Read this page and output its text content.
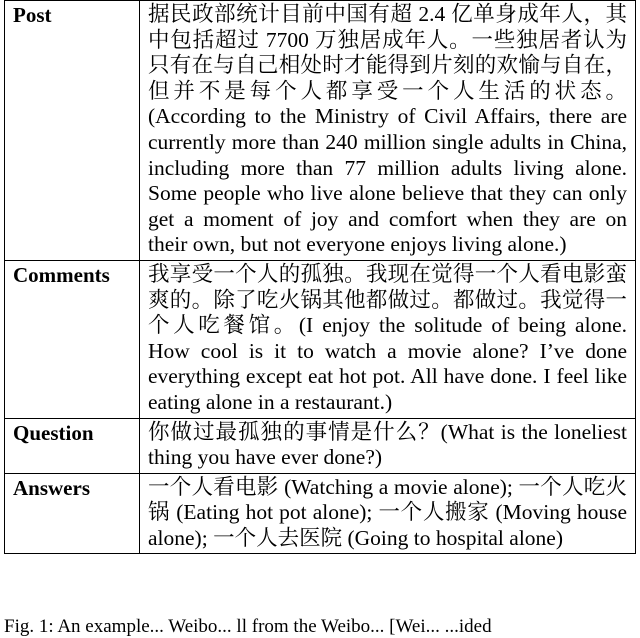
Post	据民政部统计目前中国有超 2.4 亿单身成年人，其中包括超过 7700 万独居成年人。一些独居者认为只有在与自己相处时才能得到片刻的欢愉与自在，但并不是每个人都享受一个人生活的状态。 (According to the Ministry of Civil Affairs, there are currently more than 240 million single adults in China, including more than 77 million adults living alone. Some people who live alone believe that they can only get a moment of joy and comfort when they are on their own, but not everyone enjoys living alone.)
Comments	我享受一个人的孤独。我现在觉得一个人看电影蛮爽的。除了吃火锅其他都做过。都做过。我觉得一个人吃餐馆。(I enjoy the solitude of being alone. How cool is it to watch a movie alone? I’ve done everything except eat hot pot. All have done. I feel like eating alone in a restaurant.)
Question	你做过最孤独的事情是什么？(What is the loneliest thing you have ever done?)
Answers	一个人看电影 (Watching a movie alone); 一个人吃火锅 (Eating hot pot alone); 一个人搬家 (Moving house alone); 一个人去医院 (Going to hospital alone)
Fig. 1: An example... Weibo... ll from the Weibo... [Wei... ...ided
